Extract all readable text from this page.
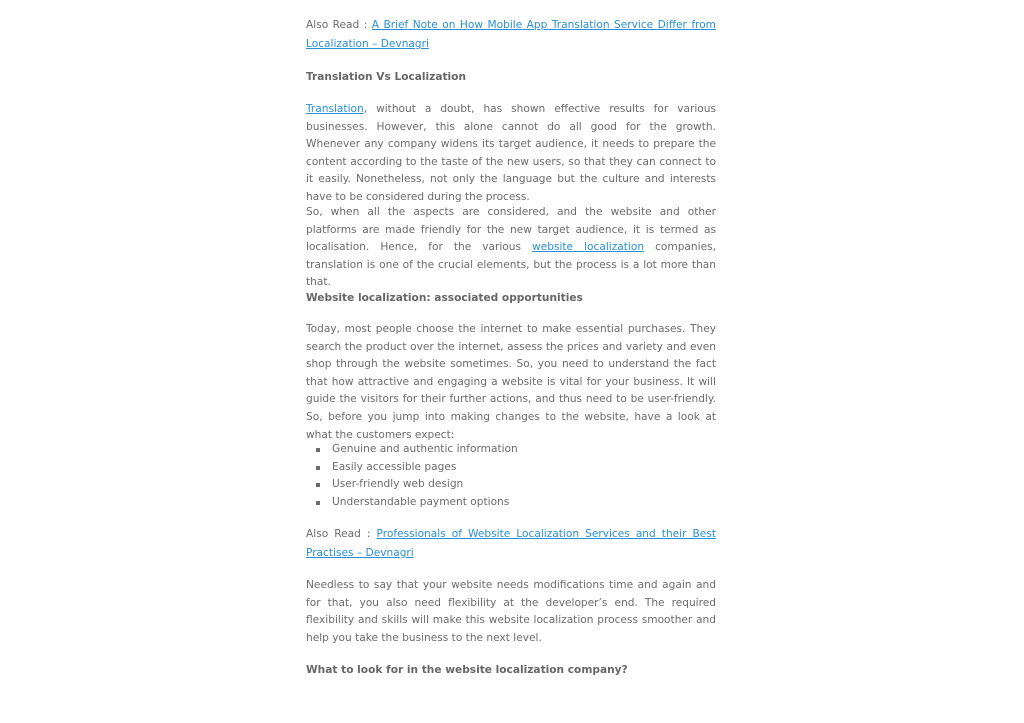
Also Read : A Brief Note on How Mobile App Translation Service Differ from Localization – Devnagri

Translation Vs Localization

Translation, without a doubt, has shown effective results for various businesses. However, this alone cannot do all good for the growth. Whenever any company widens its target audience, it needs to prepare the content according to the taste of the new users, so that they can connect to it easily. Nonetheless, not only the language but the culture and interests have to be considered during the process.

So, when all the aspects are considered, and the website and other platforms are made friendly for the new target audience, it is termed as localisation. Hence, for the various website localization companies, translation is one of the crucial elements, but the process is a lot more than that.

Website localization: associated opportunities

Today, most people choose the internet to make essential purchases. They search the product over the internet, assess the prices and variety and even shop through the website sometimes. So, you need to understand the fact that how attractive and engaging a website is vital for your business. It will guide the visitors for their further actions, and thus need to be user-friendly. So, before you jump into making changes to the website, have a look at what the customers expect:

Genuine and authentic information
Easily accessible pages
User-friendly web design
Understandable payment options

Also Read : Professionals of Website Localization Services and their Best Practises – Devnagri

Needless to say that your website needs modifications time and again and for that, you also need flexibility at the developer’s end. The required flexibility and skills will make this website localization process smoother and help you take the business to the next level.

What to look for in the website localization company?
